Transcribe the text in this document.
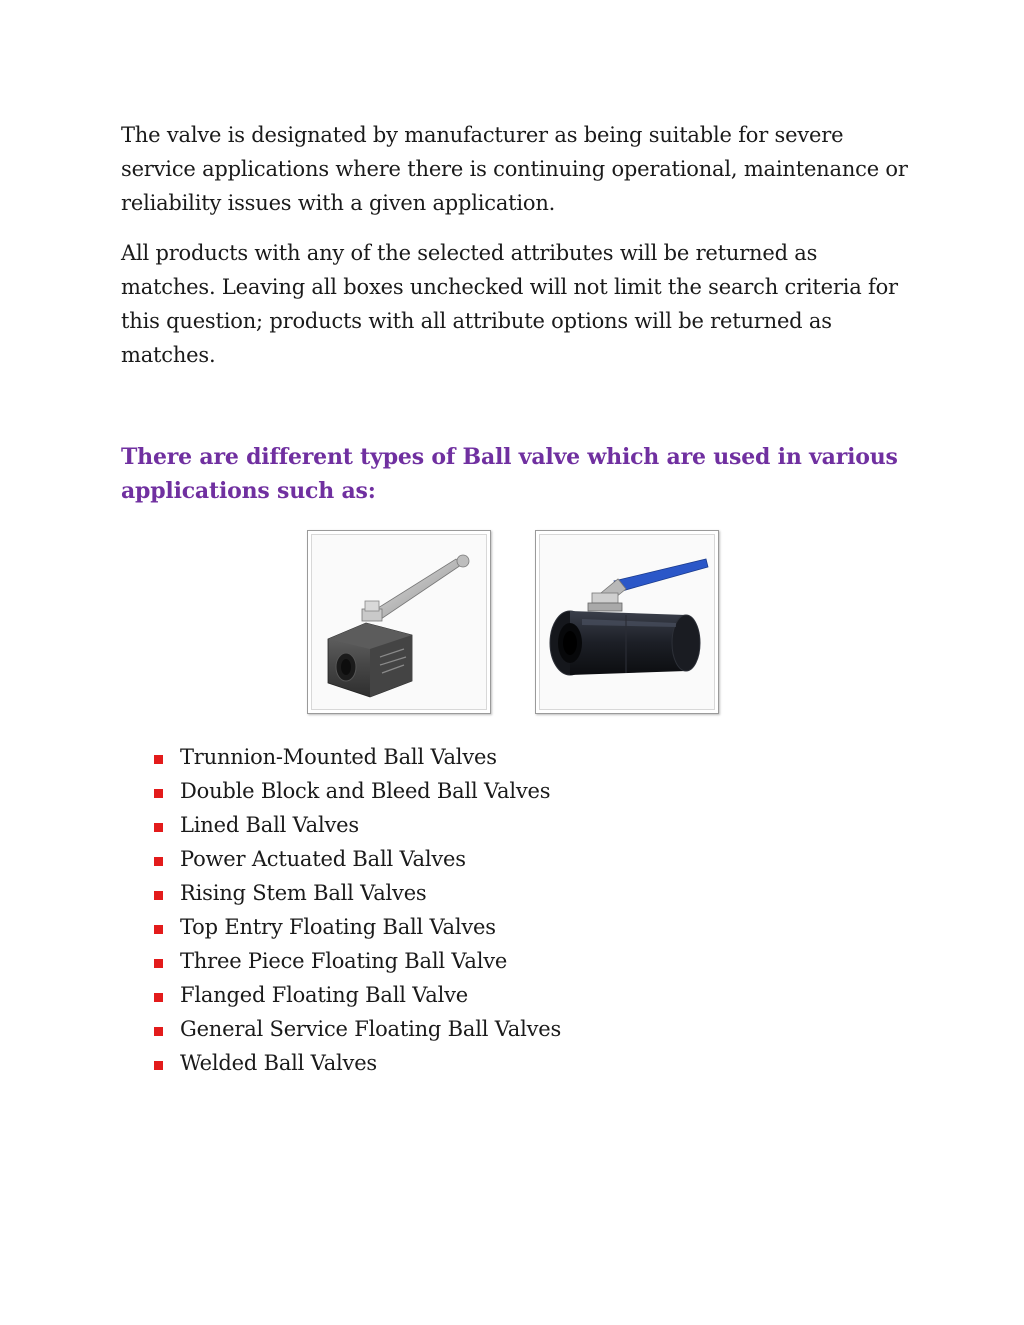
The valve is designated by manufacturer as being suitable for severe service applications where there is continuing operational, maintenance or reliability issues with a given application.

All products with any of the selected attributes will be returned as matches. Leaving all boxes unchecked will not limit the search criteria for this question; products with all attribute options will be returned as matches.

There are different types of Ball valve which are used in various applications such as:
Trunnion-Mounted Ball Valves
Double Block and Bleed Ball Valves
Lined Ball Valves
Power Actuated Ball Valves
Rising Stem Ball Valves
Top Entry Floating Ball Valves
Three Piece Floating Ball Valve
Flanged Floating Ball Valve
General Service Floating Ball Valves
Welded Ball Valves
